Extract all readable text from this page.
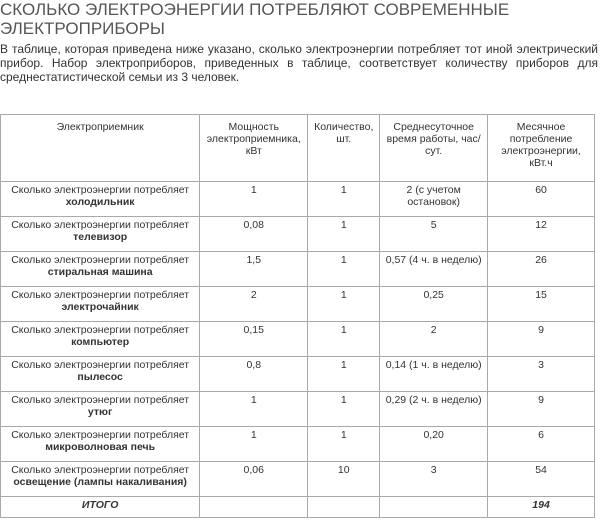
СКОЛЬКО ЭЛЕКТРОЭНЕРГИИ ПОТРЕБЛЯЮТ СОВРЕМЕННЫЕ ЭЛЕКТРОПРИБОРЫ
В таблице, которая приведена ниже указано, сколько электроэнергии потребляет тот иной электрический прибор. Набор электроприборов, приведенных в таблице, соответствует количеству приборов для среднестатистической семьи из 3 человек.
Электроприемник	Мощность электроприемника, кВт	Количество, шт.	Среднесуточное время работы, час/сут.	Месячное потребление электроэнергии, кВт.ч

Сколько электроэнергии потребляет
холодильник	1	1	2 (с учетом остановок)	60

Сколько электроэнергии потребляет
телевизор	0,08	1	5	12

Сколько электроэнергии потребляет
стиральная машина	1,5	1	0,57 (4 ч. в неделю)	26

Сколько электроэнергии потребляет
электрочайник	2	1	0,25	15

Сколько электроэнергии потребляет
компьютер	0,15	1	2	9

Сколько электроэнергии потребляет
пылесос	0,8	1	0,14 (1 ч. в неделю)	3

Сколько электроэнергии потребляет
утюг	1	1	0,29 (2 ч. в неделю)	9

Сколько электроэнергии потребляет
микроволновая печь	1	1	0,20	6

Сколько электроэнергии потребляет
освещение (лампы накаливания)	0,06	10	3	54
ИТОГО				194
